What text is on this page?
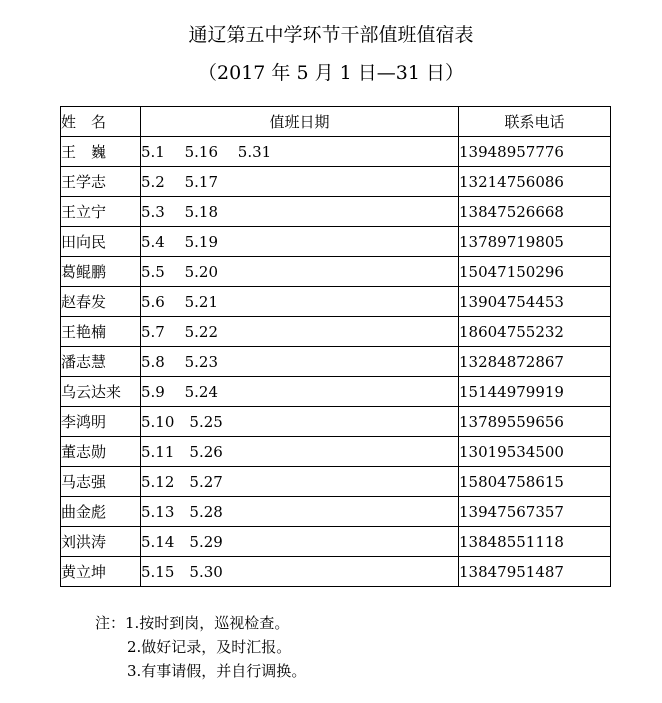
通辽第五中学环节干部值班值宿表
（2017 年 5 月 1 日—31 日）
姓　名	值班日期	联系电话
王　巍	5.1　 5.16　 5.31	13948957776
王学志	5.2　 5.17	13214756086
王立宁	5.3　 5.18	13847526668
田向民	5.4　 5.19	13789719805
葛鲲鹏	5.5　 5.20	15047150296
赵春发	5.6　 5.21	13904754453
王艳楠	5.7　 5.22	18604755232
潘志慧	5.8　 5.23	13284872867
乌云达来	5.9　 5.24	15144979919
李鸿明	5.10　5.25	13789559656
董志勋	5.11　5.26	13019534500
马志强	5.12　5.27	15804758615
曲金彪	5.13　5.28	13947567357
刘洪涛	5.14　5.29	13848551118
黄立坤	5.15　5.30	13847951487
注：1.按时到岗，巡视检查。
2.做好记录，及时汇报。
3.有事请假，并自行调换。
